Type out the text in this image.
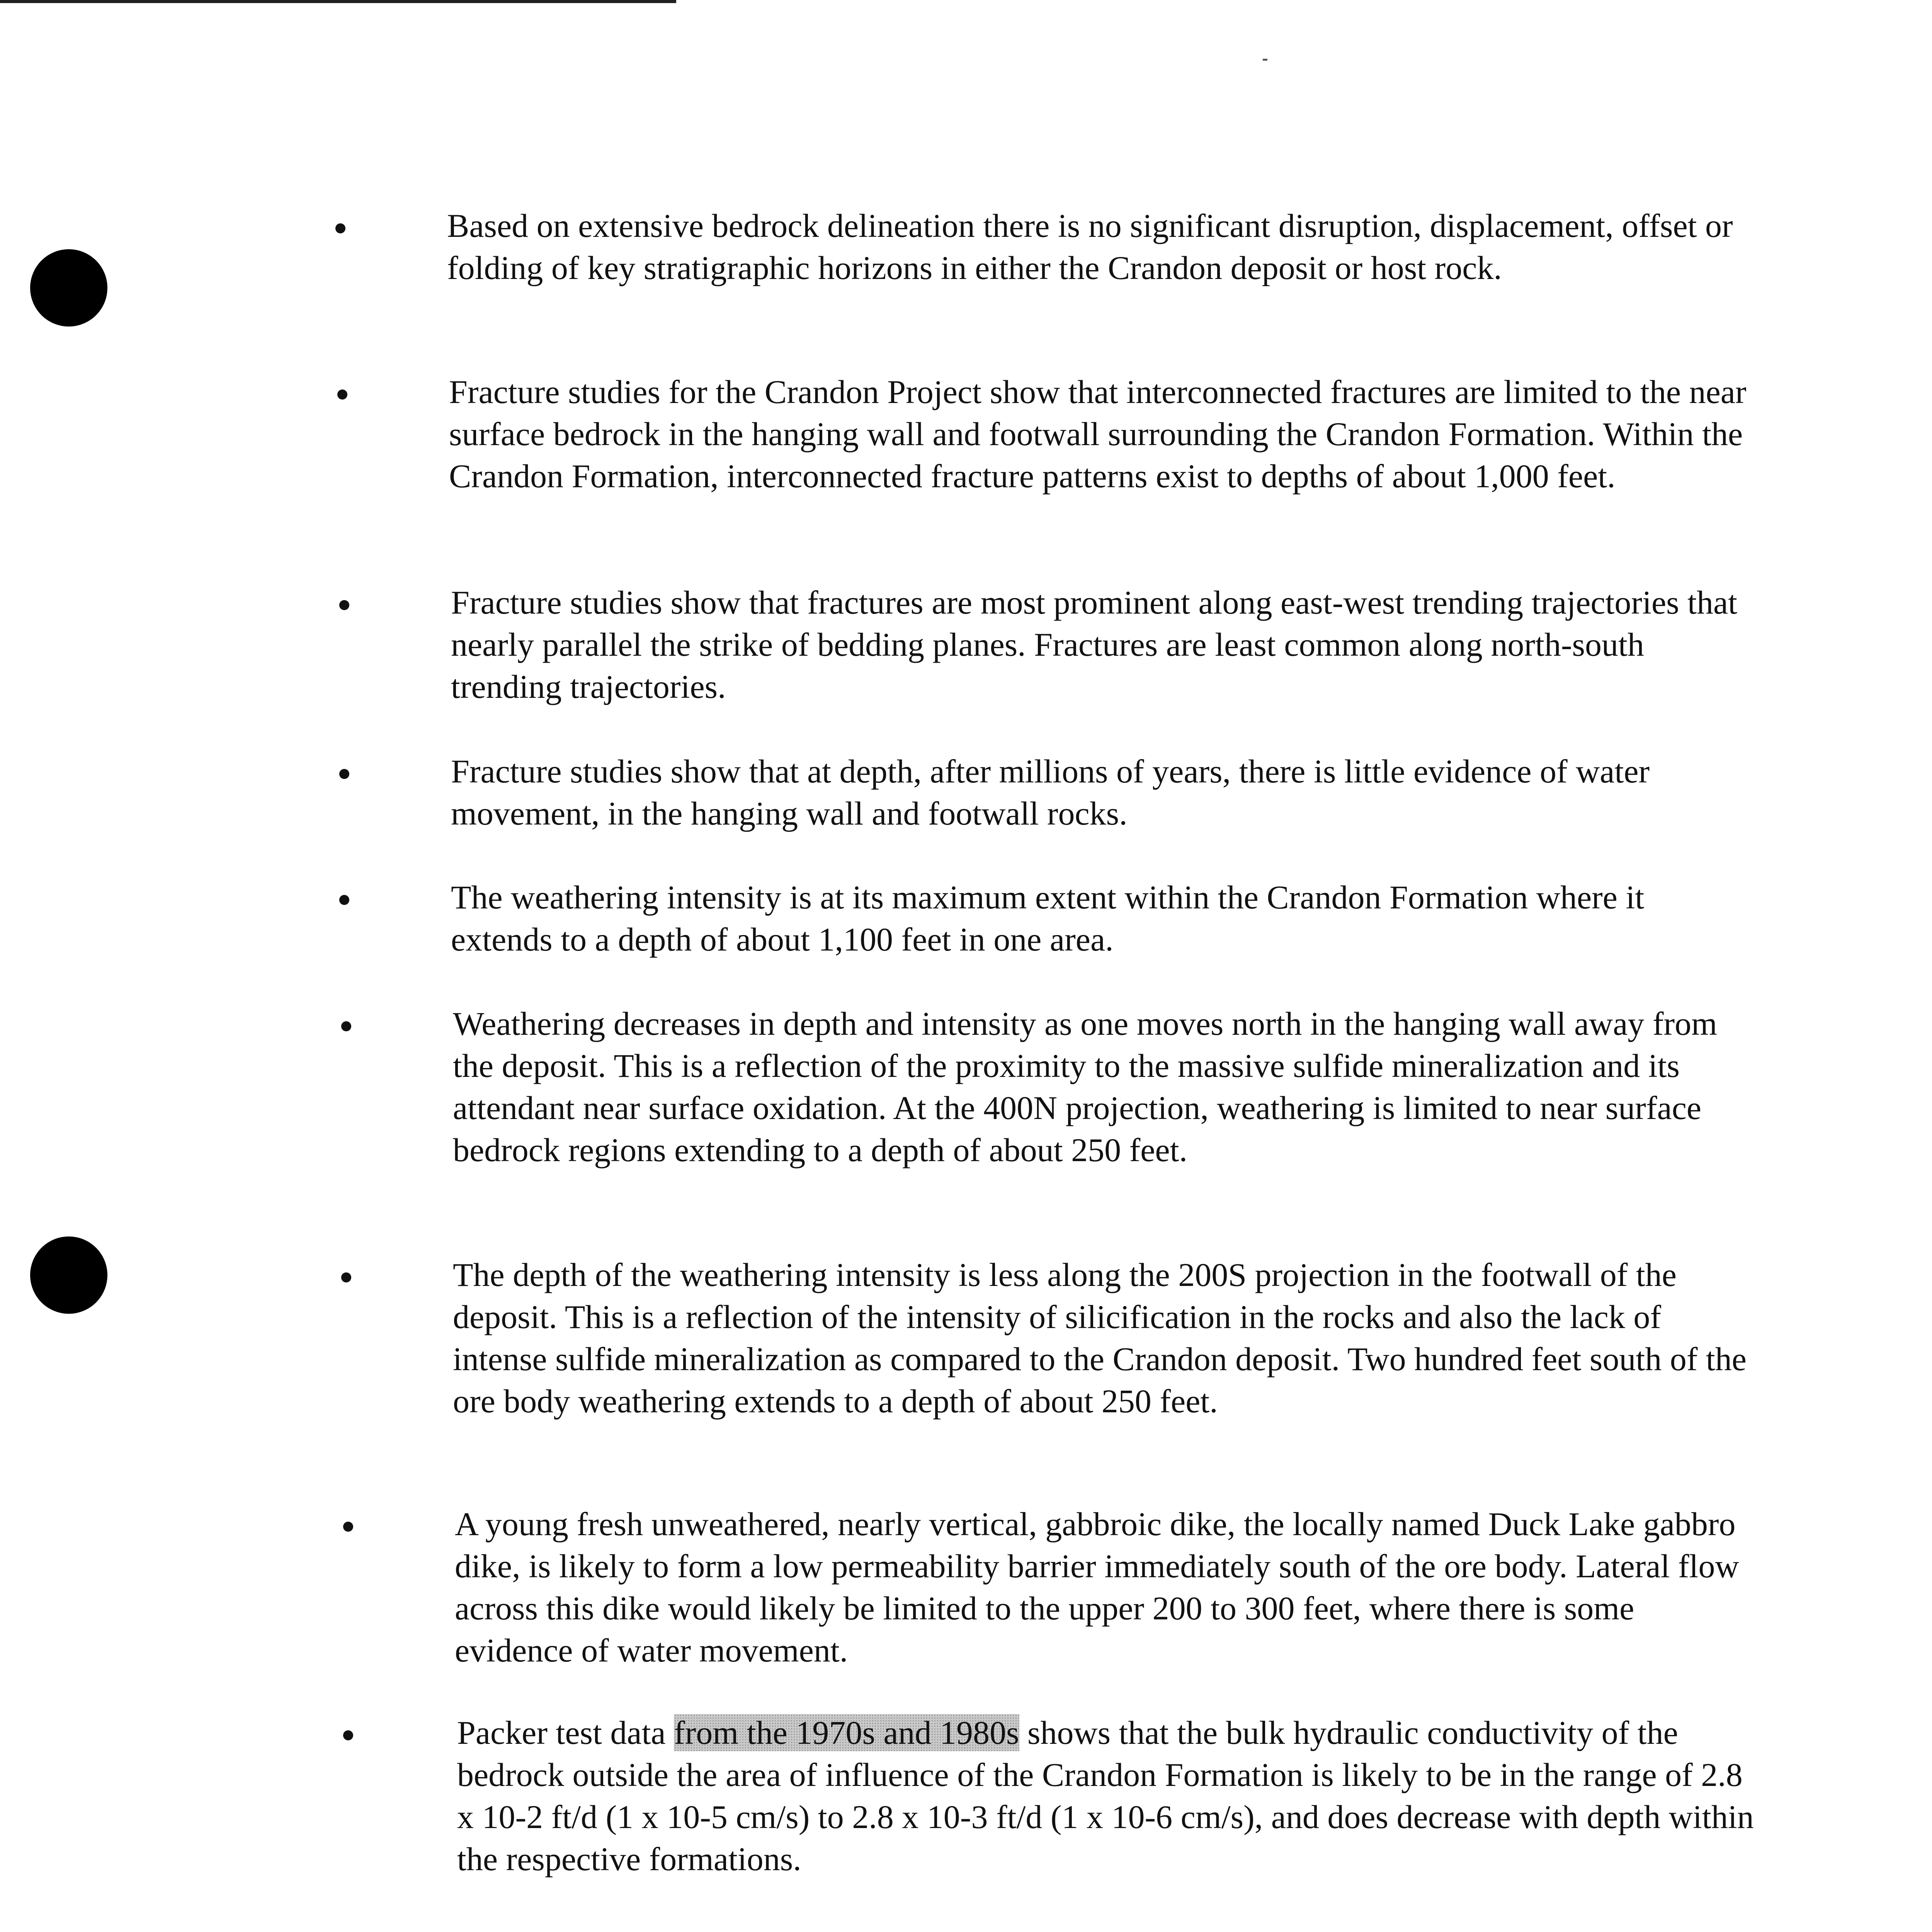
Based on extensive bedrock delineation there is no significant disruption, displacement, offset or folding of key stratigraphic horizons in either the Crandon deposit or host rock.

Fracture studies for the Crandon Project show that interconnected fractures are limited to the near surface bedrock in the hanging wall and footwall surrounding the Crandon Formation. Within the Crandon Formation, interconnected fracture patterns exist to depths of about 1,000 feet.

Fracture studies show that fractures are most prominent along east-west trending trajectories that nearly parallel the strike of bedding planes. Fractures are least common along north-south trending trajectories.

Fracture studies show that at depth, after millions of years, there is little evidence of water movement, in the hanging wall and footwall rocks.

The weathering intensity is at its maximum extent within the Crandon Formation where it extends to a depth of about 1,100 feet in one area.

Weathering decreases in depth and intensity as one moves north in the hanging wall away from the deposit. This is a reflection of the proximity to the massive sulfide mineralization and its attendant near surface oxidation. At the 400N projection, weathering is limited to near surface bedrock regions extending to a depth of about 250 feet.

The depth of the weathering intensity is less along the 200S projection in the footwall of the deposit. This is a reflection of the intensity of silicification in the rocks and also the lack of intense sulfide mineralization as compared to the Crandon deposit. Two hundred feet south of the ore body weathering extends to a depth of about 250 feet.

A young fresh unweathered, nearly vertical, gabbroic dike, the locally named Duck Lake gabbro dike, is likely to form a low permeability barrier immediately south of the ore body. Lateral flow across this dike would likely be limited to the upper 200 to 300 feet, where there is some evidence of water movement.

Packer test data from the 1970s and 1980s shows that the bulk hydraulic conductivity of the bedrock outside the area of influence of the Crandon Formation is likely to be in the range of 2.8 x 10-2 ft/d (1 x 10-5 cm/s) to 2.8 x 10-3 ft/d (1 x 10-6 cm/s), and does decrease with depth within the respective formations.
